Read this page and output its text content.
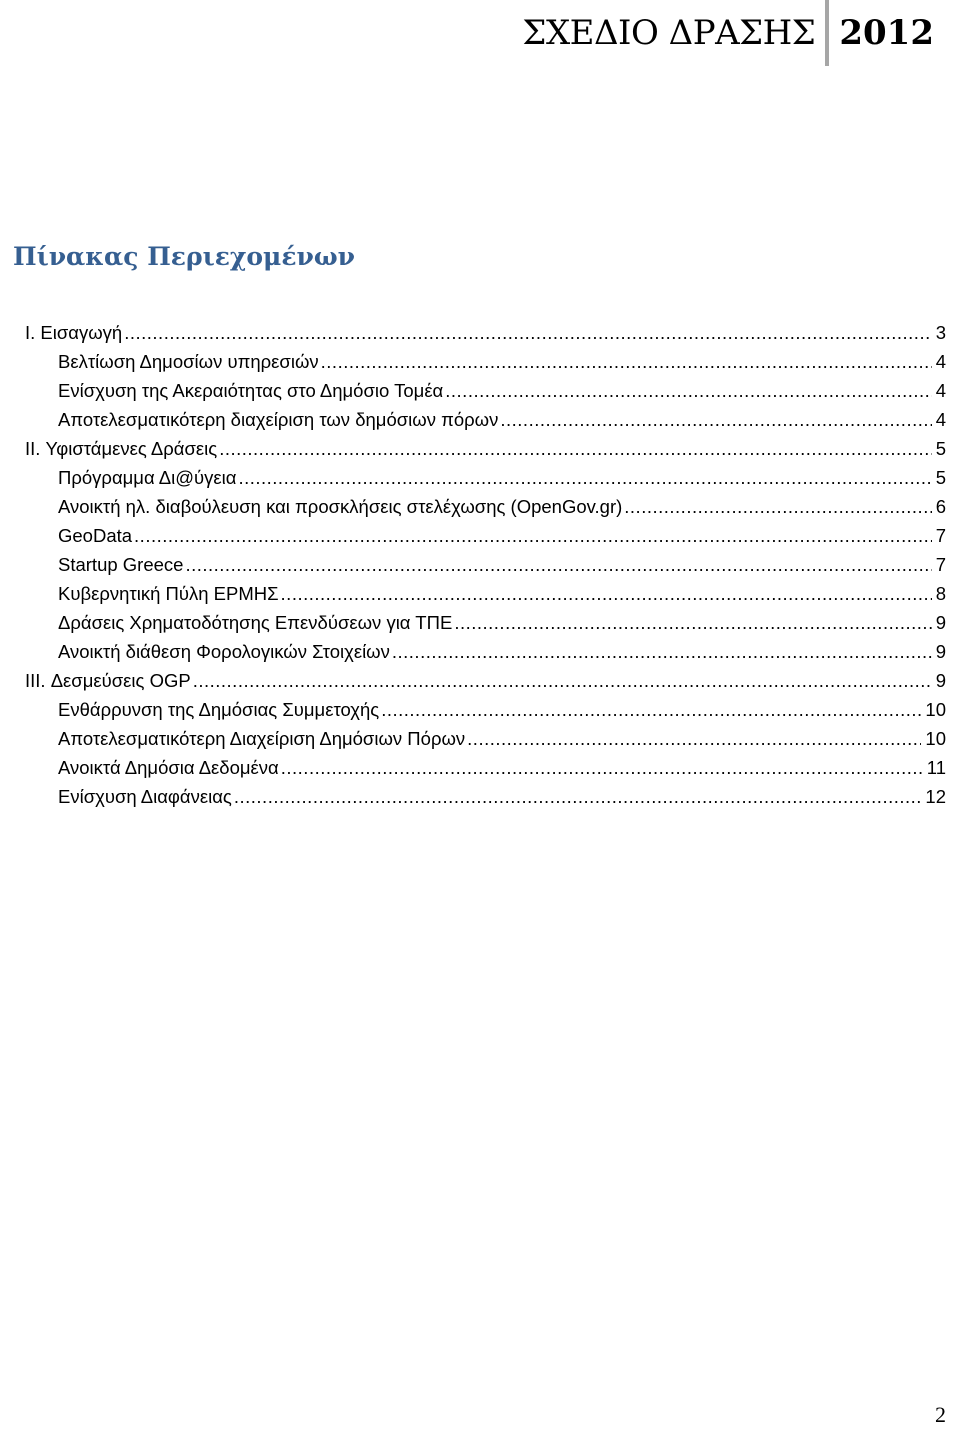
ΣΧΕΔΙΟ ΔΡΑΣΗΣ 2012
Πίνακας Περιεχομένων
I. Εισαγωγή .....	3
Βελτίωση Δημοσίων υπηρεσιών .....	4
Ενίσχυση της Ακεραιότητας στο Δημόσιο Τομέα .....	4
Αποτελεσματικότερη διαχείριση των δημόσιων πόρων .....	4
II. Υφιστάμενες Δράσεις .....	5
Πρόγραμμα Δι@ύγεια .....	5
Ανοικτή ηλ. διαβούλευση και προσκλήσεις στελέχωσης (OpenGov.gr) .....	6
GeoData .....	7
Startup Greece .....	7
Κυβερνητική Πύλη ΕΡΜΗΣ .....	8
Δράσεις Χρηματοδότησης Επενδύσεων για ΤΠΕ .....	9
Ανοικτή διάθεση Φορολογικών Στοιχείων .....	9
III. Δεσμεύσεις OGP .....	9
Ενθάρρυνση της Δημόσιας Συμμετοχής .....	10
Αποτελεσματικότερη Διαχείριση Δημόσιων Πόρων .....	10
Ανοικτά Δημόσια Δεδομένα .....	11
Ενίσχυση Διαφάνειας .....	12
2
